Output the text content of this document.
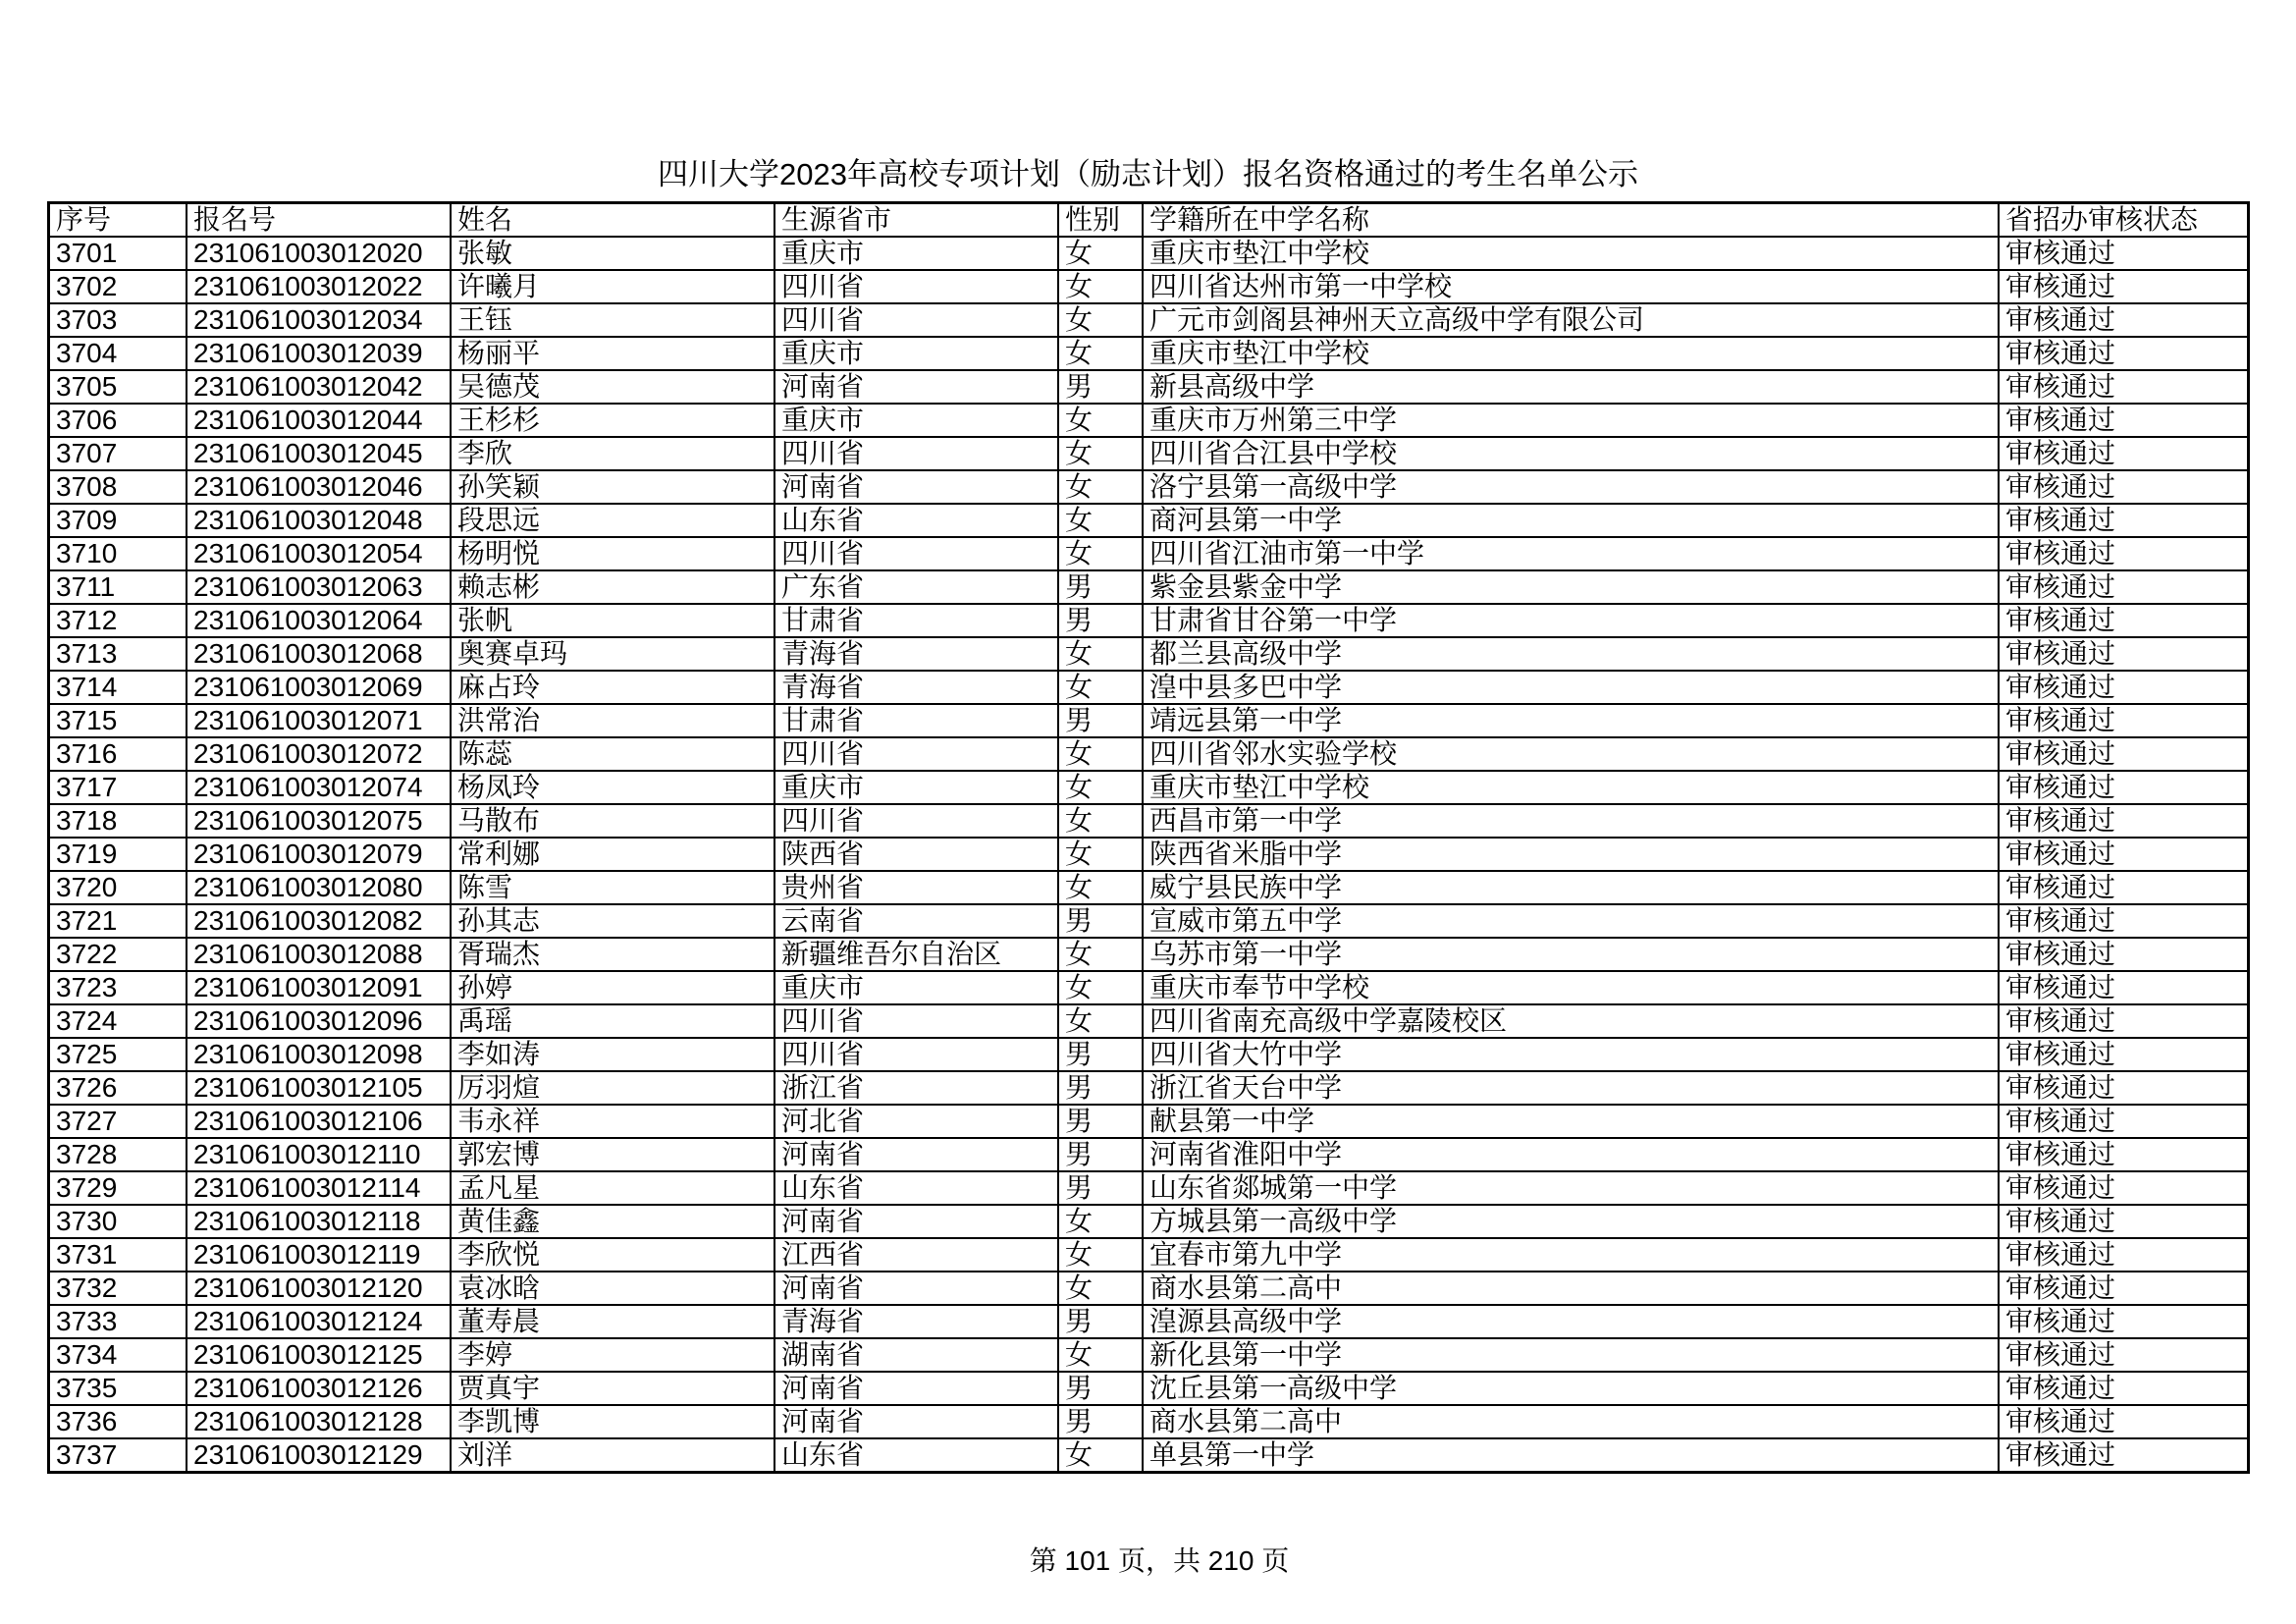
四川大学2023年高校专项计划（励志计划）报名资格通过的考生名单公示
序号	报名号	姓名	生源省市	性别	学籍所在中学名称	省招办审核状态
3701	231061003012020	张敏	重庆市	女	重庆市垫江中学校	审核通过
3702	231061003012022	许曦月	四川省	女	四川省达州市第一中学校	审核通过
3703	231061003012034	王钰	四川省	女	广元市剑阁县神州天立高级中学有限公司	审核通过
3704	231061003012039	杨丽平	重庆市	女	重庆市垫江中学校	审核通过
3705	231061003012042	吴德茂	河南省	男	新县高级中学	审核通过
3706	231061003012044	王杉杉	重庆市	女	重庆市万州第三中学	审核通过
3707	231061003012045	李欣	四川省	女	四川省合江县中学校	审核通过
3708	231061003012046	孙笑颖	河南省	女	洛宁县第一高级中学	审核通过
3709	231061003012048	段思远	山东省	女	商河县第一中学	审核通过
3710	231061003012054	杨明悦	四川省	女	四川省江油市第一中学	审核通过
3711	231061003012063	赖志彬	广东省	男	紫金县紫金中学	审核通过
3712	231061003012064	张帆	甘肃省	男	甘肃省甘谷第一中学	审核通过
3713	231061003012068	奥赛卓玛	青海省	女	都兰县高级中学	审核通过
3714	231061003012069	麻占玲	青海省	女	湟中县多巴中学	审核通过
3715	231061003012071	洪常治	甘肃省	男	靖远县第一中学	审核通过
3716	231061003012072	陈蕊	四川省	女	四川省邻水实验学校	审核通过
3717	231061003012074	杨凤玲	重庆市	女	重庆市垫江中学校	审核通过
3718	231061003012075	马散布	四川省	女	西昌市第一中学	审核通过
3719	231061003012079	常利娜	陕西省	女	陕西省米脂中学	审核通过
3720	231061003012080	陈雪	贵州省	女	威宁县民族中学	审核通过
3721	231061003012082	孙其志	云南省	男	宣威市第五中学	审核通过
3722	231061003012088	胥瑞杰	新疆维吾尔自治区	女	乌苏市第一中学	审核通过
3723	231061003012091	孙婷	重庆市	女	重庆市奉节中学校	审核通过
3724	231061003012096	禹瑶	四川省	女	四川省南充高级中学嘉陵校区	审核通过
3725	231061003012098	李如涛	四川省	男	四川省大竹中学	审核通过
3726	231061003012105	厉羽煊	浙江省	男	浙江省天台中学	审核通过
3727	231061003012106	韦永祥	河北省	男	献县第一中学	审核通过
3728	231061003012110	郭宏博	河南省	男	河南省淮阳中学	审核通过
3729	231061003012114	孟凡星	山东省	男	山东省郯城第一中学	审核通过
3730	231061003012118	黄佳鑫	河南省	女	方城县第一高级中学	审核通过
3731	231061003012119	李欣悦	江西省	女	宜春市第九中学	审核通过
3732	231061003012120	袁冰晗	河南省	女	商水县第二高中	审核通过
3733	231061003012124	董寿晨	青海省	男	湟源县高级中学	审核通过
3734	231061003012125	李婷	湖南省	女	新化县第一中学	审核通过
3735	231061003012126	贾真宇	河南省	男	沈丘县第一高级中学	审核通过
3736	231061003012128	李凯博	河南省	男	商水县第二高中	审核通过
3737	231061003012129	刘洋	山东省	女	单县第一中学	审核通过
第 101 页，共 210 页
